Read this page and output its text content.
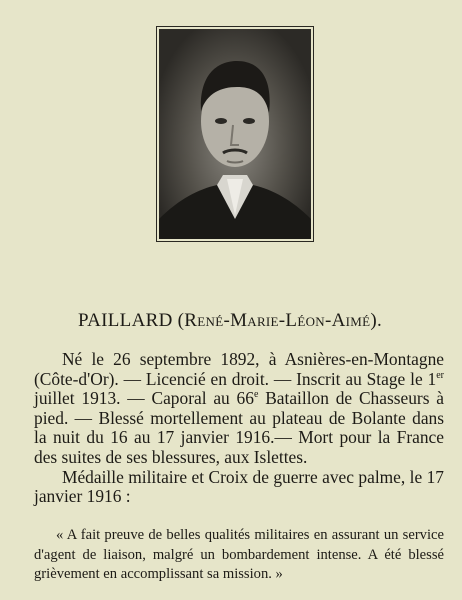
PAILLARD (René-Marie-Léon-Aimé).

Né le 26 septembre 1892, à Asnières-en-Montagne (Côte-d'Or). — Licencié en droit. — Inscrit au Stage le 1er juillet 1913. — Caporal au 66e Bataillon de Chasseurs à pied. — Blessé mortellement au plateau de Bolante dans la nuit du 16 au 17 janvier 1916.— Mort pour la France des suites de ses blessures, aux Islettes.

Médaille militaire et Croix de guerre avec palme, le 17 janvier 1916 :

« A fait preuve de belles qualités militaires en assurant un service d'agent de liaison, malgré un bombardement intense. A été blessé grièvement en accomplissant sa mission. »
